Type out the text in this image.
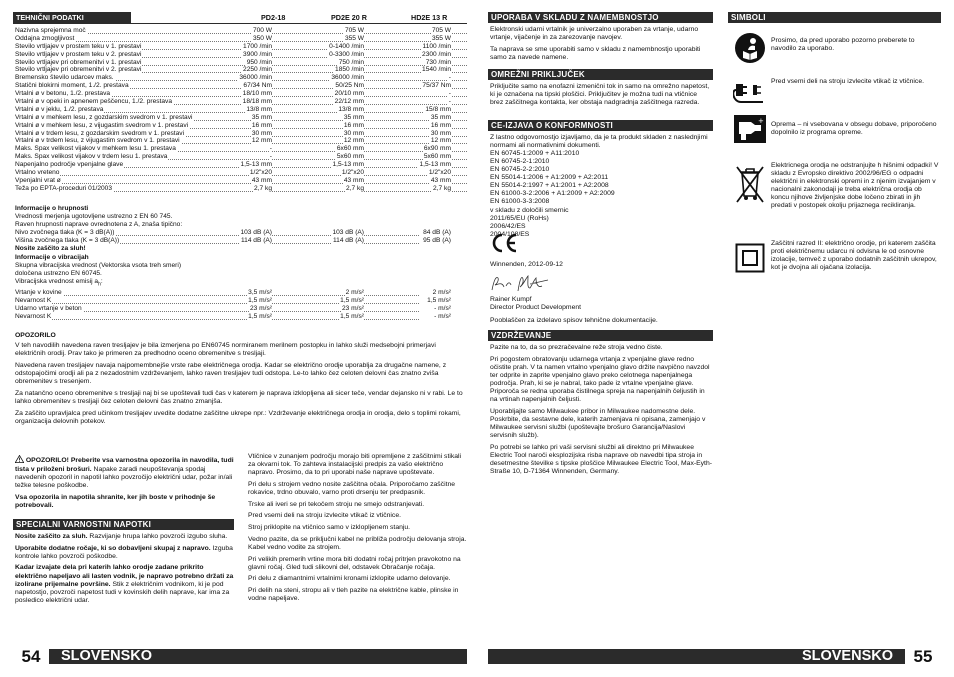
TEHNIČNI PODATKI	PD2-18	PD2E 20 R	HD2E 13 R
Nazivna sprejemna moč	700 W	705 W	705 W
Oddajna zmogljivost	350 W	355 W	355 W
Število vrtljajev v prostem teku v 1. prestavi	1700 /min	0-1400 /min	1100 /min
Število vrtljajev v prostem teku v 2. prestavi	3900 /min	0-3300 /min	2300 /min
Število vrtljajev pri obremenitvi v 1. prestavi	950 /min	750 /min	730 /min
Število vrtljajev pri obremenitvi v 2. prestavi	2250 /min	1850 /min	1540 /min
Bremensko število udarcev maks.	36000 /min	36000 /min	-
Statični blokirni moment, 1./2. prestava	67/34 Nm	50/25 Nm	75/37 Nm
Vrtalni ø v betonu, 1./2. prestava	18/10 mm	20/10 mm	-
Vrtalni ø v opeki in apnenem peščencu, 1./2. prestava	18/18 mm	22/12 mm	-
Vrtalni ø v jeklu, 1./2. prestava	13/8 mm	13/8 mm	15/8 mm
Vrtalni ø v mehkem lesu, z gozdarskim svedrom v 1. prestavi	35 mm	35 mm	35 mm
Vrtalni ø v mehkem lesu, z vijugastim svedrom v 1. prestavi	16 mm	16 mm	16 mm
Vrtalni ø v trdem lesu, z gozdarskim svedrom v 1. prestavi	30 mm	30 mm	30 mm
Vrtalni ø v trdem lesu, z vijugastim svedrom v 1. prestavi	12 mm	12 mm	12 mm
Maks. Spax velikost vijakov v mehkem lesu 1. prestava	-	6x60 mm	6x90 mm
Maks. Spax velikost vijakov v trdem lesu 1. prestava	-	5x60 mm	5x60 mm
Napenjalno področje vpenjalne glave	1,5-13 mm	1,5-13 mm	1,5-13 mm
Vrtalno vreteno	1/2"x20	1/2"x20	1/2"x20
Vpenjalni vrat ø	43 mm	43 mm	43 mm
Teža po EPTA-proceduri 01/2003	2,7 kg	2,7 kg	2,7 kg
Informacije o hrupnosti
Vrednosti merjenja ugotovljene ustrezno z EN 60 745.
Raven hrupnosti naprave ovrednotena z A, znaša tipično:
Nivo zvočnega tlaka (K = 3 dB(A))	103 dB (A)	103 dB (A)	84 dB (A)
Višina zvočnega tlaka (K = 3 dB(A))	114 dB (A)	114 dB (A)	95 dB (A)
Nosite zaščito za sluh!
Informacije o vibracijah
Skupna vibracijska vrednost (Vektorska vsota treh smeri)
določena ustrezno EN 60745.
Vibracijska vrednost emisij $a_h$:
Vrtanje v kovine	3,5 m/s²	2 m/s²	2 m/s²
Nevarnost K	1,5 m/s²	1,5 m/s²	1,5 m/s²
Udarno vrtanje v beton	23 m/s²	23 m/s²	- m/s²
Nevarnost K	1,5 m/s²	1,5 m/s²	- m/s²
OPOZORILO

V teh navodilih navedena raven tresljajev je bila izmerjena po EN60745 normiranem merilnem postopku in lahko služi medsebojni primerjavi električnih orodij. Prav tako je primeren za predhodno oceno obremenitve s tresljaji.

Navedena raven tresljajev navaja najpomembnejše vrste rabe električnega orodja. Kadar se električno orodje uporablja za drugačne namene, z odstopajočimi orodji ali pa z nezadostnim vzdrževanjem, lahko raven tresljajev tudi odstopa. Le-to lahko čez celoten delovni čas znatno zviša obremenitev s tresenjem.

Za natančno oceno obremenitve s tresljaji naj bi se upoštevali tudi čas v katerem je naprava izklopljena ali sicer teče, vendar dejansko ni v rabi. Le to lahko obremenitev s tresljaji čez celoten delovni čas znatno zmanjša.

Za zaščito upravljalca pred učinkom tresljajev uvedite dodatne zaščitne ukrepe npr.: Vzdrževanje električnega orodja in orodja, delo s toplimi rokami, organizacija delovnih potekov.

OPOZORILO! Preberite vsa varnostna opozorila in navodila, tudi tista v priloženi brošuri. Napake zaradi neupoštevanja spodaj navedenih opozoril in napotil lahko povzročijo električni udar, požar in/ali težke telesne poškodbe.

Vsa opozorila in napotila shranite, ker jih boste v prihodnje še potrebovali.

SPECIALNI VARNOSTNI NAPOTKI

Nosite zaščito za sluh. Razvijanje hrupa lahko povzroči izgubo sluha.

Uporabite dodatne ročaje, ki so dobavljeni skupaj z napravo. Izguba kontrole lahko povzroči poškodbe.

Kadar izvajate dela pri katerih lahko orodje zadane prikrito električno napeljavo ali lasten vodnik, je napravo potrebno držati za izolirane prijemalne površine. Stik z električnim vodnikom, ki je pod napetostjo, povzroči napetost tudi v kovinskih delih naprave, kar ima za posledico električni udar.

Vtičnice v zunanjem področju morajo biti opremljene z zaščitnimi stikali za okvarni tok. To zahteva instalacijski predpis za vašo električno napravo. Prosimo, da to pri uporabi naše naprave upoštevate.

Pri delu s strojem vedno nosite zaščitna očala. Priporočamo zaščitne rokavice, trdno obuvalo, varno proti drsenju ter predpasnik.

Trske ali iveri se pri tekočem stroju ne smejo odstranjevati.

Pred vsemi deli na stroju izvlecite vtikač iz vtičnice.

Stroj priklopite na vtičnico samo v izklopljenem stanju.

Vedno pazite, da se priključni kabel ne približa področju delovanja stroja. Kabel vedno vodite za strojem.

Pri velikih premerih vrtine mora biti dodatni ročaj pritrjen pravokotno na glavni ročaj. Gled tudi slikovni del, odstavek Obračanje ročaja.

Pri delu z diamantnimi vrtalnimi kronami izklopite udarno delovanje.

Pri delih na steni, stropu ali v tleh pazite na električne kable, plinske in vodne napeljave.

54	SLOVENSKO
UPORABA V SKLADU Z NAMEMBNOSTJO

Elektronski udarni vrtalnik je univerzalno uporaben za vrtanje, udarno vrtanje, vijačenje in za zarezovanje navojev.

Ta naprava se sme uporabiti samo v skladu z namembnostjo uporabiti samo za navede namene.

OMREŽNI PRIKLJUČEK

Priključite samo na enofazni izmenični tok in samo na omrežno napetost, ki je označena na tipski ploščici. Priključitev je možna tudi na vtičnice brez zaščitnega kontakta, ker obstaja nadgradnja zaščitnega razreda.

CE-IZJAVA O KONFORMNOSTI

Z lastno odgovornostjo izjavljamo, da je ta produkt skladen z naslednjimi normami ali normativnimi dokumenti.

EN 60745-1:2009 + A11:2010
EN 60745-2-1:2010
EN 60745-2-2:2010
EN 55014-1:2006 + A1:2009 + A2:2011
EN 55014-2:1997 + A1:2001 + A2:2008
EN 61000-3-2:2006 + A1:2009 + A2:2009
EN 61000-3-3:2008
v skladu z določili smernic
2011/65/EU (RoHs)
2006/42/ES
2004/108/ES
Winnenden, 2012-09-12
Rainer Kumpf
Director Product Development
Pooblaščen za izdelavo spisov tehnične dokumentacije.
VZDRŽEVANJE

Pazite na to, da so prezračevalne reže stroja vedno čiste.

Pri pogostem obratovanju udarnega vrtanja z vpenjalne glave redno očistite prah. V ta namen vrtalno vpenjalno glavo držite navpično navzdol ter odprite in zaprite vpenjalno glavo preko celotnega napenjalnega področja. Prah, ki se je nabral, tako pade iz vrtalne vpenjalne glave. Priporoča se redna uporaba čistilnega spreja na napenjalnih čeljustih in na vrtinah napenjalnih čeljusti.

Uporabljajte samo Milwaukee pribor in Milwaukee nadomestne dele. Poskrbite, da sestavne dele, katerih zamenjava ni opisana, zamenjajo v Milwaukee servisni službi (upoštevajte brošuro Garancija/Naslovi servisnih služb).

Po potrebi se lahko pri vaši servisni službi ali direktno pri Milwaukee Electric Tool naroči eksplozijska risba naprave ob navedbi tipa stroja in desetmestne številke s tipske ploščice Milwaukee Electric Tool, Max-Eyth-Straße 10, D-71364 Winnenden, Germany.

SIMBOLI
Prosimo, da pred uporabo pozorno preberete to navodilo za uporabo.
Pred vsemi deli na stroju izvlecite vtikač iz vtičnice.
+ Oprema – ni vsebovana v obsegu dobave, priporočeno dopolnilo iz programa opreme.
Elektricnega orodja ne odstranjujte h hišnimi odpadki! V skladu z Evropsko direktivo 2002/96/EG o odpadni električni in elektronski opremi in z njenim izvajanjem v nacionalni zakonodaji je treba električna orodja ob koncu njihove življenjske dobe ločeno zbirati in jih predati v postopek okolju prijaznega recikliranja.
Zaščitni razred II: električno orodje, pri katerem zaščita proti električnemu udarcu ni odvisna le od osnovne izolacije, temveč z uporabo dodatnih zaščitnih ukrepov, kot je dvojna ali ojačana izolacija.
SLOVENSKO	55
